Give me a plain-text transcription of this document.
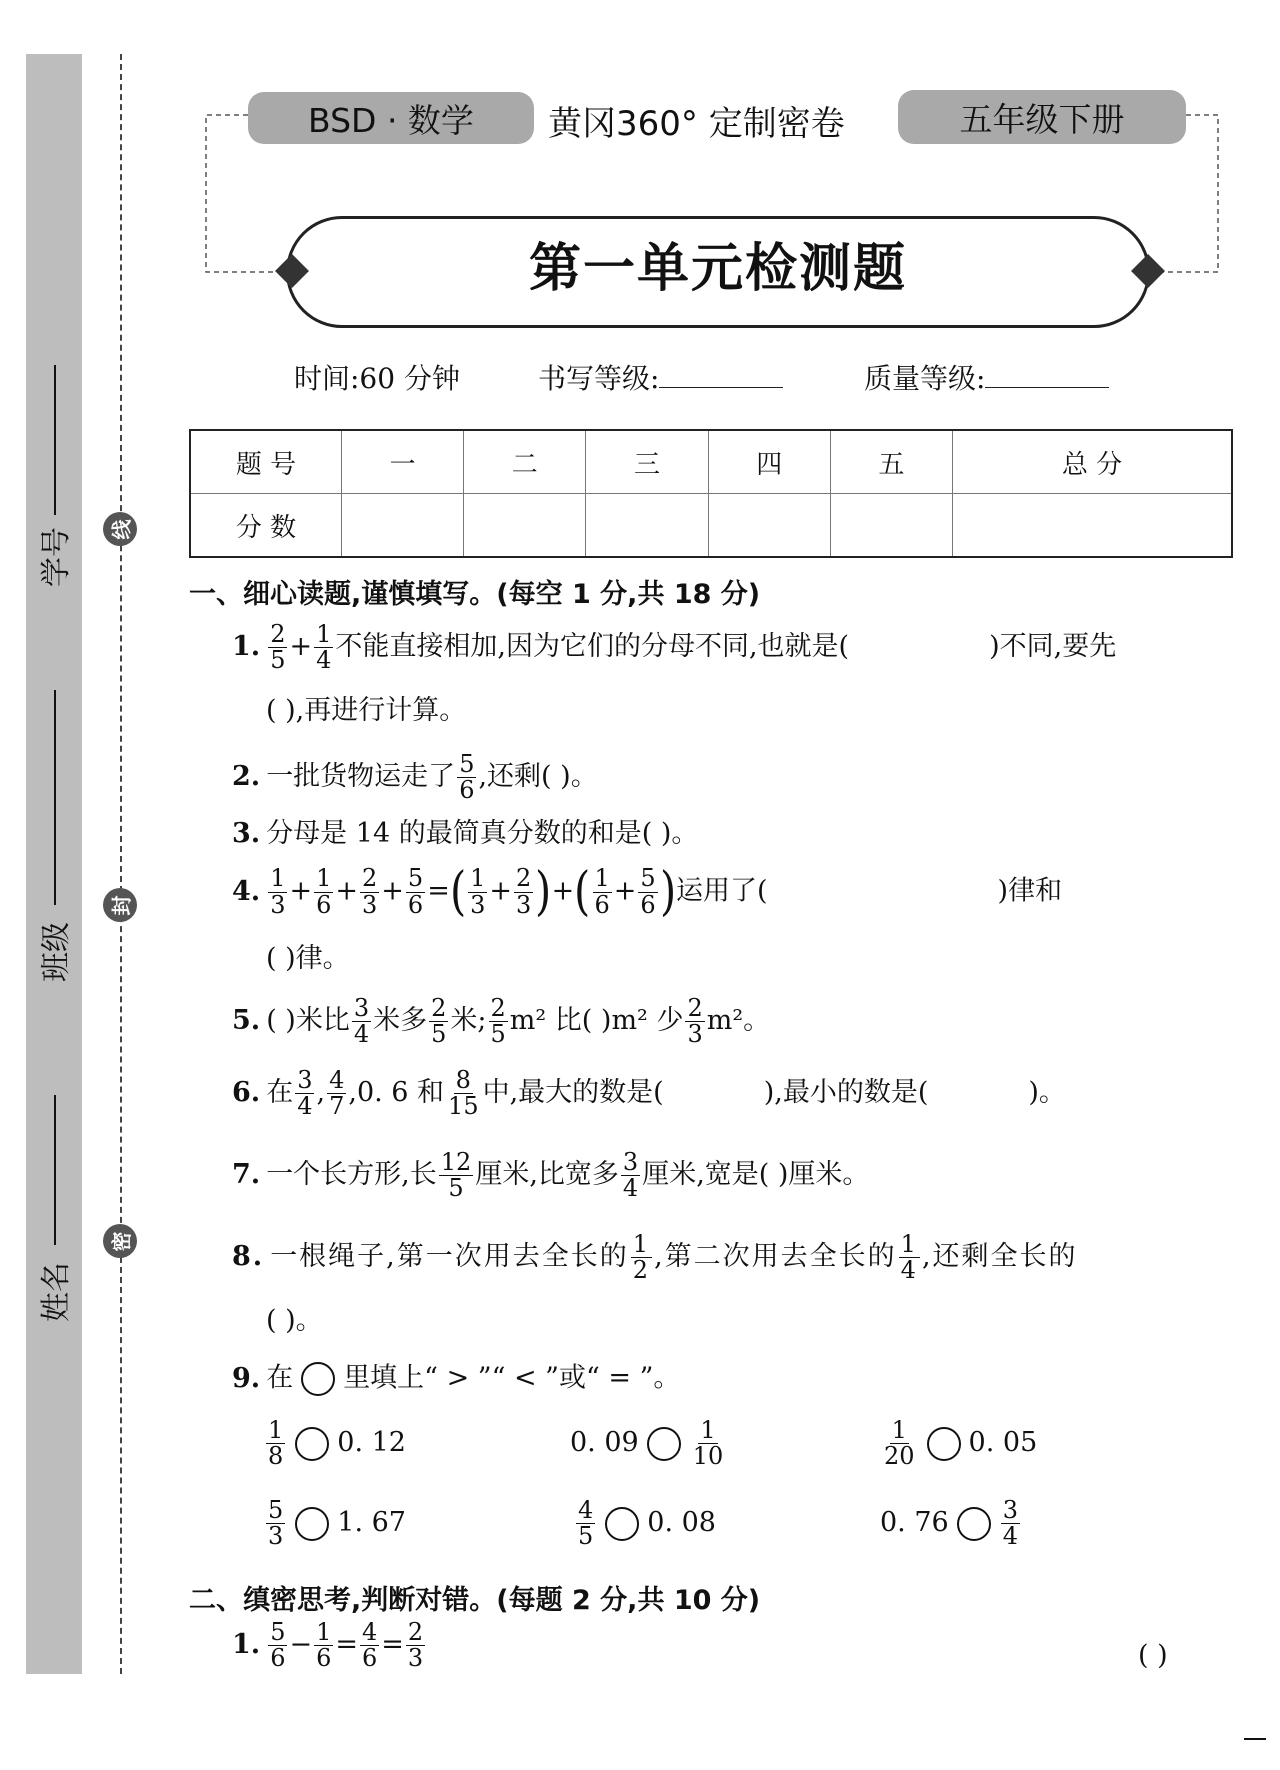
学号
班级
姓名
线
封
密
BSD · 数学 黄冈360° 定制密卷	五年级下册
第一单元检测题
时间:60 分钟	书写等级:	质量等级:
题 号	一	二	三	四	五	总 分
分 数						
一、细心读题,谨慎填写。(每空 1 分,共 18 分)
1. $\frac{2}{5} + \frac{1}{4}$ 不能直接相加,因为它们的分母不同,也就是(	)不同,要先
( ),再进行计算。
2. 一批货物运走了 $\frac{5}{6}$ ,还剩( )。
3. 分母是 14 的最简真分数的和是( )。
4. $\frac{1}{3} + \frac{1}{6} + \frac{2}{3} + \frac{5}{6}$ =( $\frac{1}{3} + \frac{2}{3}$ )+( $\frac{1}{6} + \frac{5}{6}$ )运用了(	)律和
( )律。
5. ( )米比 $\frac{3}{4}$ 米多 $\frac{2}{5}$ 米; $\frac{2}{5} m^2$ 比( )m² 少 $\frac{2}{3} m^2$。
6. 在 $\frac{3}{4}$ , $\frac{4}{7} ,0$. 6 和 $\frac{8}{15}$ 中,最大的数是(	),最小的数是(	)。
7. 一个长方形,长 $\frac{12}{5}$ 厘米,比宽多 $\frac{3}{4}$ 厘米,宽是( )厘米。
8. 一根绳子,第一次用去全长的 $\frac{1}{2}$ ,第二次用去全长的 $\frac{1}{4}$ ,还剩全长的
( )。
9. 在 里填上“ > ”“ < ”或“ = ”。
$\frac{1}{8} 0$. 12	0. $09 \frac{1}{10}$	$\frac{1}{20} 0$. 05
$\frac{5}{3} 1$. 67	$\frac{4}{5} 0$. 08	0. $76 \frac{3}{4}$
二、缜密思考,判断对错。(每题 2 分,共 10 分)
1. $\frac{5}{6} - \frac{1}{6} = \frac{4}{6} = \frac{2}{3}$	( )
